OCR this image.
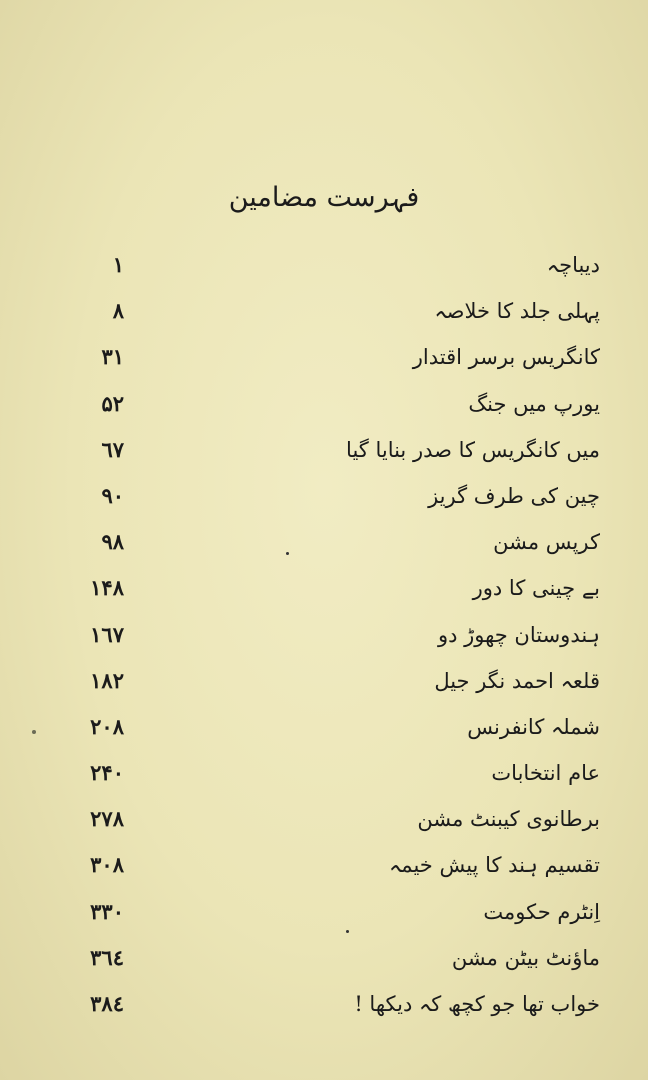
فہرست مضامین
دیباچہ
۱
پہلی جلد کا خلاصہ
۸
کانگریس برسر اقتدار
۳۱
یورپ میں جنگ
۵۲
میں کانگریس کا صدر بنایا گیا
٦٧
چین کی طرف گریز
۹۰
کرپس مشن
۹۸
بے چینی کا دور
۱۴۸
ہندوستان چھوڑ دو
۱٦۷
قلعہ احمد نگر جیل
۱۸۲
شملہ کانفرنس
۲۰۸
عام انتخابات
۲۴۰
برطانوی کیبنٹ مشن
۲۷۸
تقسیم ہند کا پیش خیمہ
۳۰۸
اِنٹرم حکومت
۳۳۰
ماؤنٹ بیٹن مشن
۳٦٤
خواب تھا جو کچھ کہ دیکھا !
۳۸٤
